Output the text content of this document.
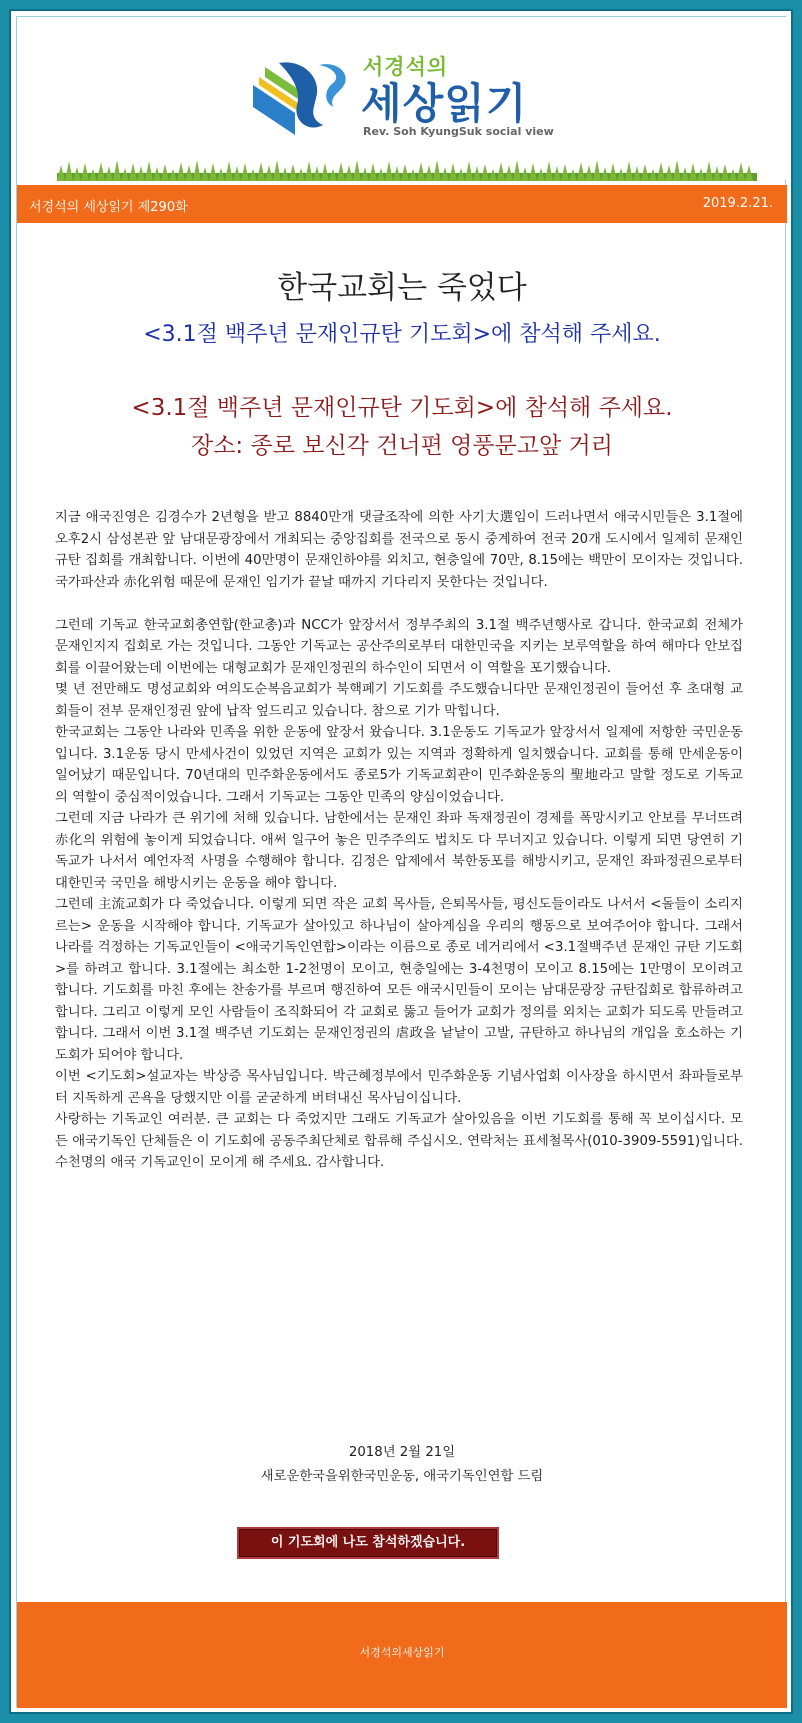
서경석의
세상읽기
Rev. Soh KyungSuk social view
서경석의 세상읽기 제290화	2019.2.21.
한국교회는 죽었다
<3.1절 백주년 문재인규탄 기도회>에 참석해 주세요.
<3.1절 백주년 문재인규탄 기도회>에 참석해 주세요.
장소: 종로 보신각 건너편 영풍문고앞 거리

지금 애국진영은 김경수가 2년형을 받고 8840만개 댓글조작에 의한 사기大選임이 드러나면서 애국시민들은 3.1절에 오후2시 삼성본관 앞 남대문광장에서 개최되는 중앙집회를 전국으로 동시 중계하여 전국 20개 도시에서 일제히 문재인규탄 집회를 개최합니다. 이번에 40만명이 문재인하야를 외치고, 현충일에 70만, 8.15에는 백만이 모이자는 것입니다. 국가파산과 赤化위험 때문에 문재인 임기가 끝날 때까지 기다리지 못한다는 것입니다.

그런데 기독교 한국교회총연합(한교총)과 NCC가 앞장서서 정부주최의 3.1절 백주년행사로 갑니다. 한국교회 전체가 문재인지지 집회로 가는 것입니다. 그동안 기독교는 공산주의로부터 대한민국을 지키는 보루역할을 하여 해마다 안보집회를 이끌어왔는데 이번에는 대형교회가 문재인정권의 하수인이 되면서 이 역할을 포기했습니다.

몇 년 전만해도 명성교회와 여의도순복음교회가 북핵폐기 기도회를 주도했습니다만 문재인정권이 들어선 후 초대형 교회들이 전부 문재인정권 앞에 납작 엎드리고 있습니다. 참으로 기가 막힙니다.

한국교회는 그동안 나라와 민족을 위한 운동에 앞장서 왔습니다. 3.1운동도 기독교가 앞장서서 일제에 저항한 국민운동입니다. 3.1운동 당시 만세사건이 있었던 지역은 교회가 있는 지역과 정확하게 일치했습니다. 교회를 통해 만세운동이 일어났기 때문입니다. 70년대의 민주화운동에서도 종로5가 기독교회관이 민주화운동의 聖地라고 말할 정도로 기독교의 역할이 중심적이었습니다. 그래서 기독교는 그동안 민족의 양심이었습니다.

그런데 지금 나라가 큰 위기에 처해 있습니다. 남한에서는 문재인 좌파 독재정권이 경제를 폭망시키고 안보를 무너뜨려 赤化의 위험에 놓이게 되었습니다. 애써 일구어 놓은 민주주의도 법치도 다 무너지고 있습니다. 이렇게 되면 당연히 기독교가 나서서 예언자적 사명을 수행해야 합니다. 김정은 압제에서 북한동포를 해방시키고, 문재인 좌파정권으로부터 대한민국 국민을 해방시키는 운동을 해야 합니다.

그런데 主流교회가 다 죽었습니다. 이렇게 되면 작은 교회 목사들, 은퇴목사들, 평신도들이라도 나서서 <돌들이 소리지르는> 운동을 시작해야 합니다. 기독교가 살아있고 하나님이 살아계심을 우리의 행동으로 보여주어야 합니다. 그래서 나라를 걱정하는 기독교인들이 <애국기독인연합>이라는 이름으로 종로 네거리에서 <3.1절백주년 문재인 규탄 기도회>를 하려고 합니다. 3.1절에는 최소한 1-2천명이 모이고, 현충일에는 3-4천명이 모이고 8.15에는 1만명이 모이려고 합니다. 기도회를 마친 후에는 찬송가를 부르며 행진하여 모든 애국시민들이 모이는 남대문광장 규탄집회로 합류하려고 합니다. 그리고 이렇게 모인 사람들이 조직화되어 각 교회로 뚫고 들어가 교회가 정의를 외치는 교회가 되도록 만들려고 합니다. 그래서 이번 3.1절 백주년 기도회는 문재인정권의 虐政을 낱낱이 고발, 규탄하고 하나님의 개입을 호소하는 기도회가 되어야 합니다.

이번 <기도회>설교자는 박상증 목사님입니다. 박근혜정부에서 민주화운동 기념사업회 이사장을 하시면서 좌파들로부터 지독하게 곤욕을 당했지만 이를 굳굳하게 버텨내신 목사님이십니다.

사랑하는 기독교인 여러분. 큰 교회는 다 죽었지만 그래도 기독교가 살아있음을 이번 기도회를 통해 꼭 보이십시다. 모든 애국기독인 단체들은 이 기도회에 공동주최단체로 합류해 주십시오. 연락처는 표세철목사(010-3909-5591)입니다. 수천명의 애국 기독교인이 모이게 해 주세요. 감사합니다.

2018년 2월 21일
새로운한국을위한국민운동, 애국기독인연합 드림
이 기도회에 나도 참석하겠습니다.
서경석의세상읽기
